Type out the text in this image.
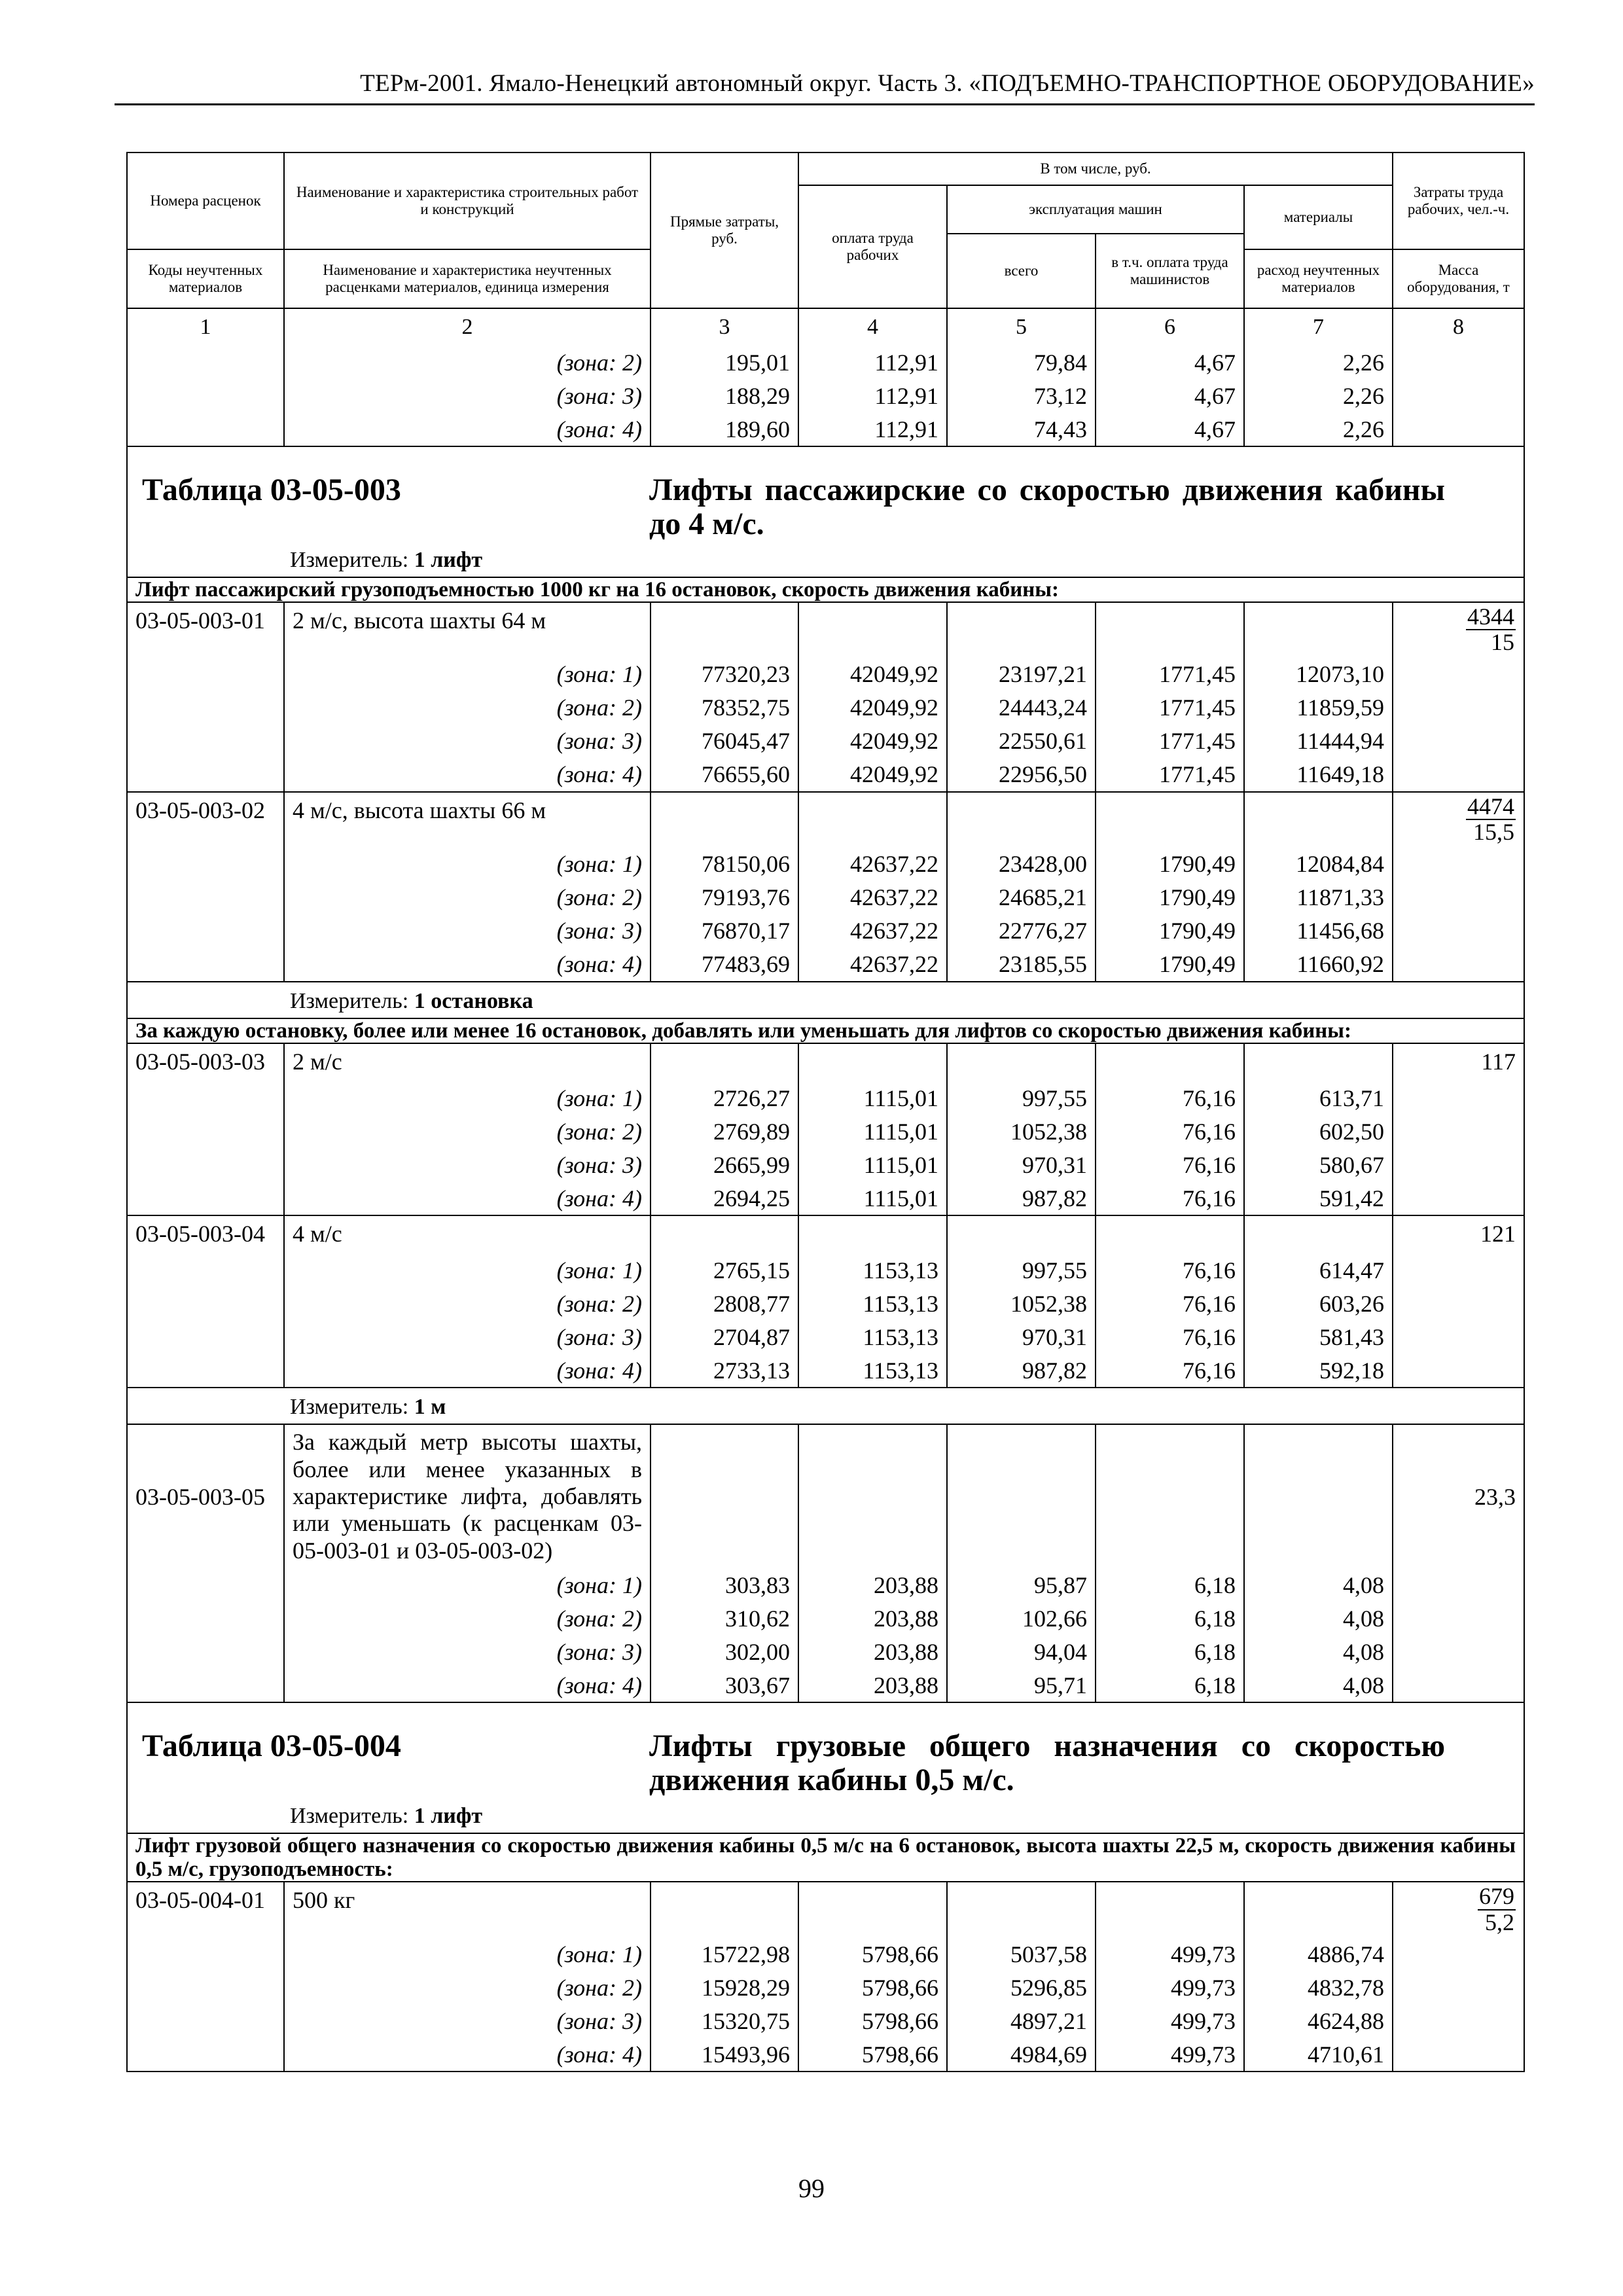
ТЕРм-2001. Ямало-Ненецкий автономный округ. Часть 3. «ПОДЪЕМНО-ТРАНСПОРТНОЕ ОБОРУДОВАНИЕ»
Номера расценок	Наименование и характеристика строительных работ и конструкций	Прямые затраты, руб.	В том числе, руб.				Затраты труда рабочих, чел.-ч.
			оплата труда рабочих	эксплуатация машин		материалы	
				всего	в т.ч. оплата труда машинистов		
Коды неучтенных материалов	Наименование и характеристика неучтенных расценками материалов, единица измерения					расход неучтенных материалов	Масса оборудования, т

1	2	3	4	5	6	7	8
	(зона: 2)	195,01	112,91	79,84	4,67	2,26	
	(зона: 3)	188,29	112,91	73,12	4,67	2,26	
	(зона: 4)	189,60	112,91	74,43	4,67	2,26	

Таблица 03-05-003 Лифты пассажирские со скоростью движения кабины до 4 м/с.
Измеритель: 1 лифт							

Лифт пассажирский грузоподъемностью 1000 кг на 16 остановок, скорость движения кабины:							
03-05-003-01	2 м/с, высота шахты 64 м						$\frac{4344}{15}$

	(зона: 1)	77320,23	42049,92	23197,21	1771,45	12073,10	
	(зона: 2)	78352,75	42049,92	24443,24	1771,45	11859,59	
	(зона: 3)	76045,47	42049,92	22550,61	1771,45	11444,94	
	(зона: 4)	76655,60	42049,92	22956,50	1771,45	11649,18	
03-05-003-02	4 м/с, высота шахты 66 м						$\frac{4474}{15,5}$

	(зона: 1)	78150,06	42637,22	23428,00	1790,49	12084,84	
	(зона: 2)	79193,76	42637,22	24685,21	1790,49	11871,33	
	(зона: 3)	76870,17	42637,22	22776,27	1790,49	11456,68	
	(зона: 4)	77483,69	42637,22	23185,55	1790,49	11660,92	

Измеритель: 1 остановка							

За каждую остановку, более или менее 16 остановок, добавлять или уменьшать для лифтов со скоростью движения кабины:							
03-05-003-03	2 м/с						117
	(зона: 1)	2726,27	1115,01	997,55	76,16	613,71	
	(зона: 2)	2769,89	1115,01	1052,38	76,16	602,50	
	(зона: 3)	2665,99	1115,01	970,31	76,16	580,67	
	(зона: 4)	2694,25	1115,01	987,82	76,16	591,42	
03-05-003-04	4 м/с						121
	(зона: 1)	2765,15	1153,13	997,55	76,16	614,47	
	(зона: 2)	2808,77	1153,13	1052,38	76,16	603,26	
	(зона: 3)	2704,87	1153,13	970,31	76,16	581,43	
	(зона: 4)	2733,13	1153,13	987,82	76,16	592,18	

Измеритель: 1 м							

03-05-003-05	За каждый метр высоты шахты, более или менее указанных в характеристике лифта, добавлять или уменьшать (к расценкам 03-05-003-01 и 03-05-003-02)						23,3
	(зона: 1)	303,83	203,88	95,87	6,18	4,08	
	(зона: 2)	310,62	203,88	102,66	6,18	4,08	
	(зона: 3)	302,00	203,88	94,04	6,18	4,08	
	(зона: 4)	303,67	203,88	95,71	6,18	4,08	

Таблица 03-05-004 Лифты грузовые общего назначения со скоростью движения кабины 0,5 м/с.
Измеритель: 1 лифт							

Лифт грузовой общего назначения со скоростью движения кабины 0,5 м/с на 6 остановок, высота шахты 22,5 м, скорость движения кабины 0,5 м/с, грузоподъемность:							
03-05-004-01	500 кг						$\frac{679}{5,2}$

	(зона: 1)	15722,98	5798,66	5037,58	499,73	4886,74	
	(зона: 2)	15928,29	5798,66	5296,85	499,73	4832,78	
	(зона: 3)	15320,75	5798,66	4897,21	499,73	4624,88	
	(зона: 4)	15493,96	5798,66	4984,69	499,73	4710,61	
99
